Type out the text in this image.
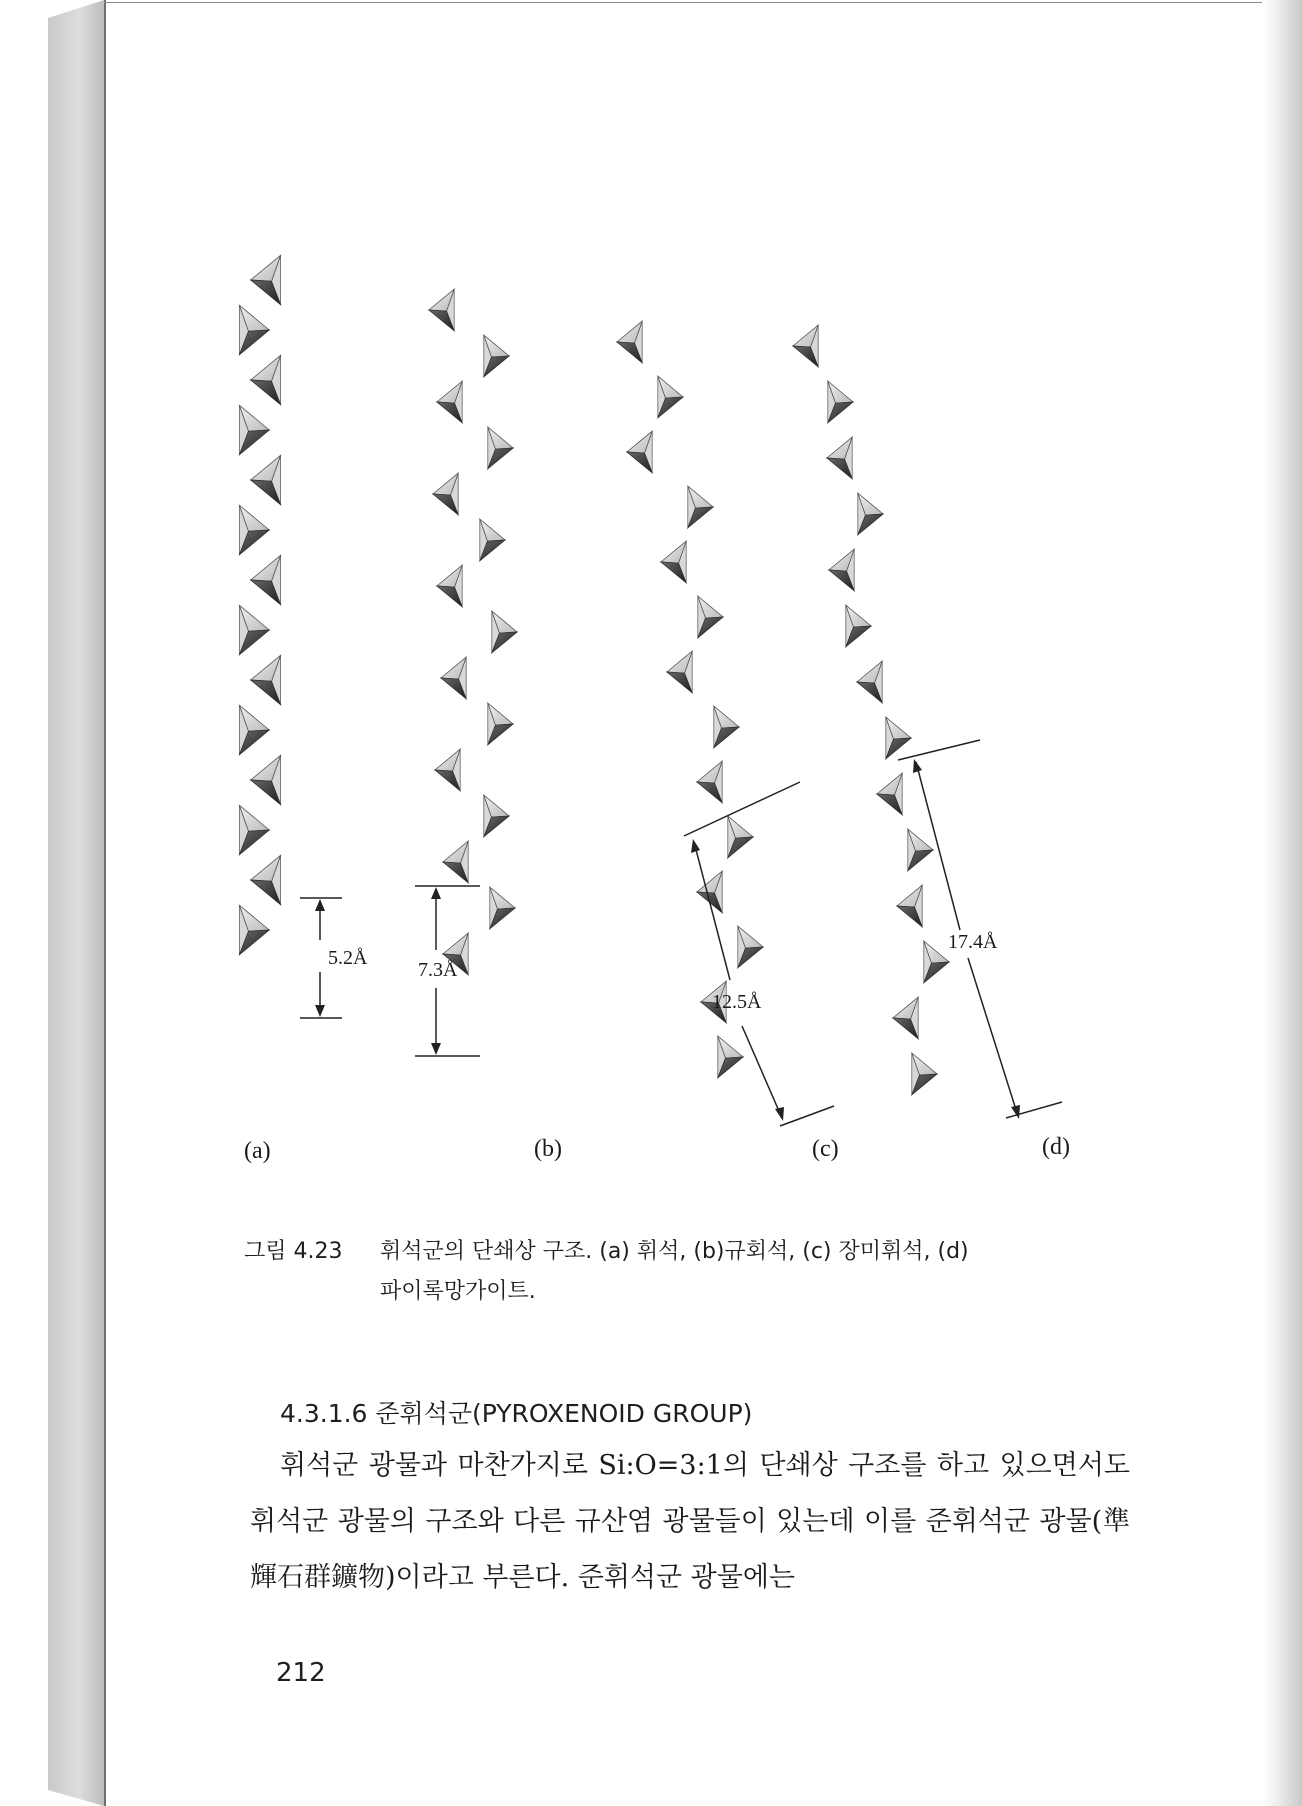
5.2Å
7.3Å
12.5Å
17.4Å
(a)	(b)	(c)	(d)
그림 4.23 휘석군의 단쇄상 구조. (a) 휘석, (b)규회석, (c) 장미휘석, (d)
파이록망가이트.
4.3.1.6 준휘석군(PYROXENOID GROUP)
휘석군 광물과 마찬가지로 Si:O=3:1의 단쇄상 구조를 하고 있으면서도 휘석군 광물의 구조와 다른 규산염 광물들이 있는데 이를 준휘석군 광물(準輝石群鑛物)이라고 부른다. 준휘석군 광물에는
212
